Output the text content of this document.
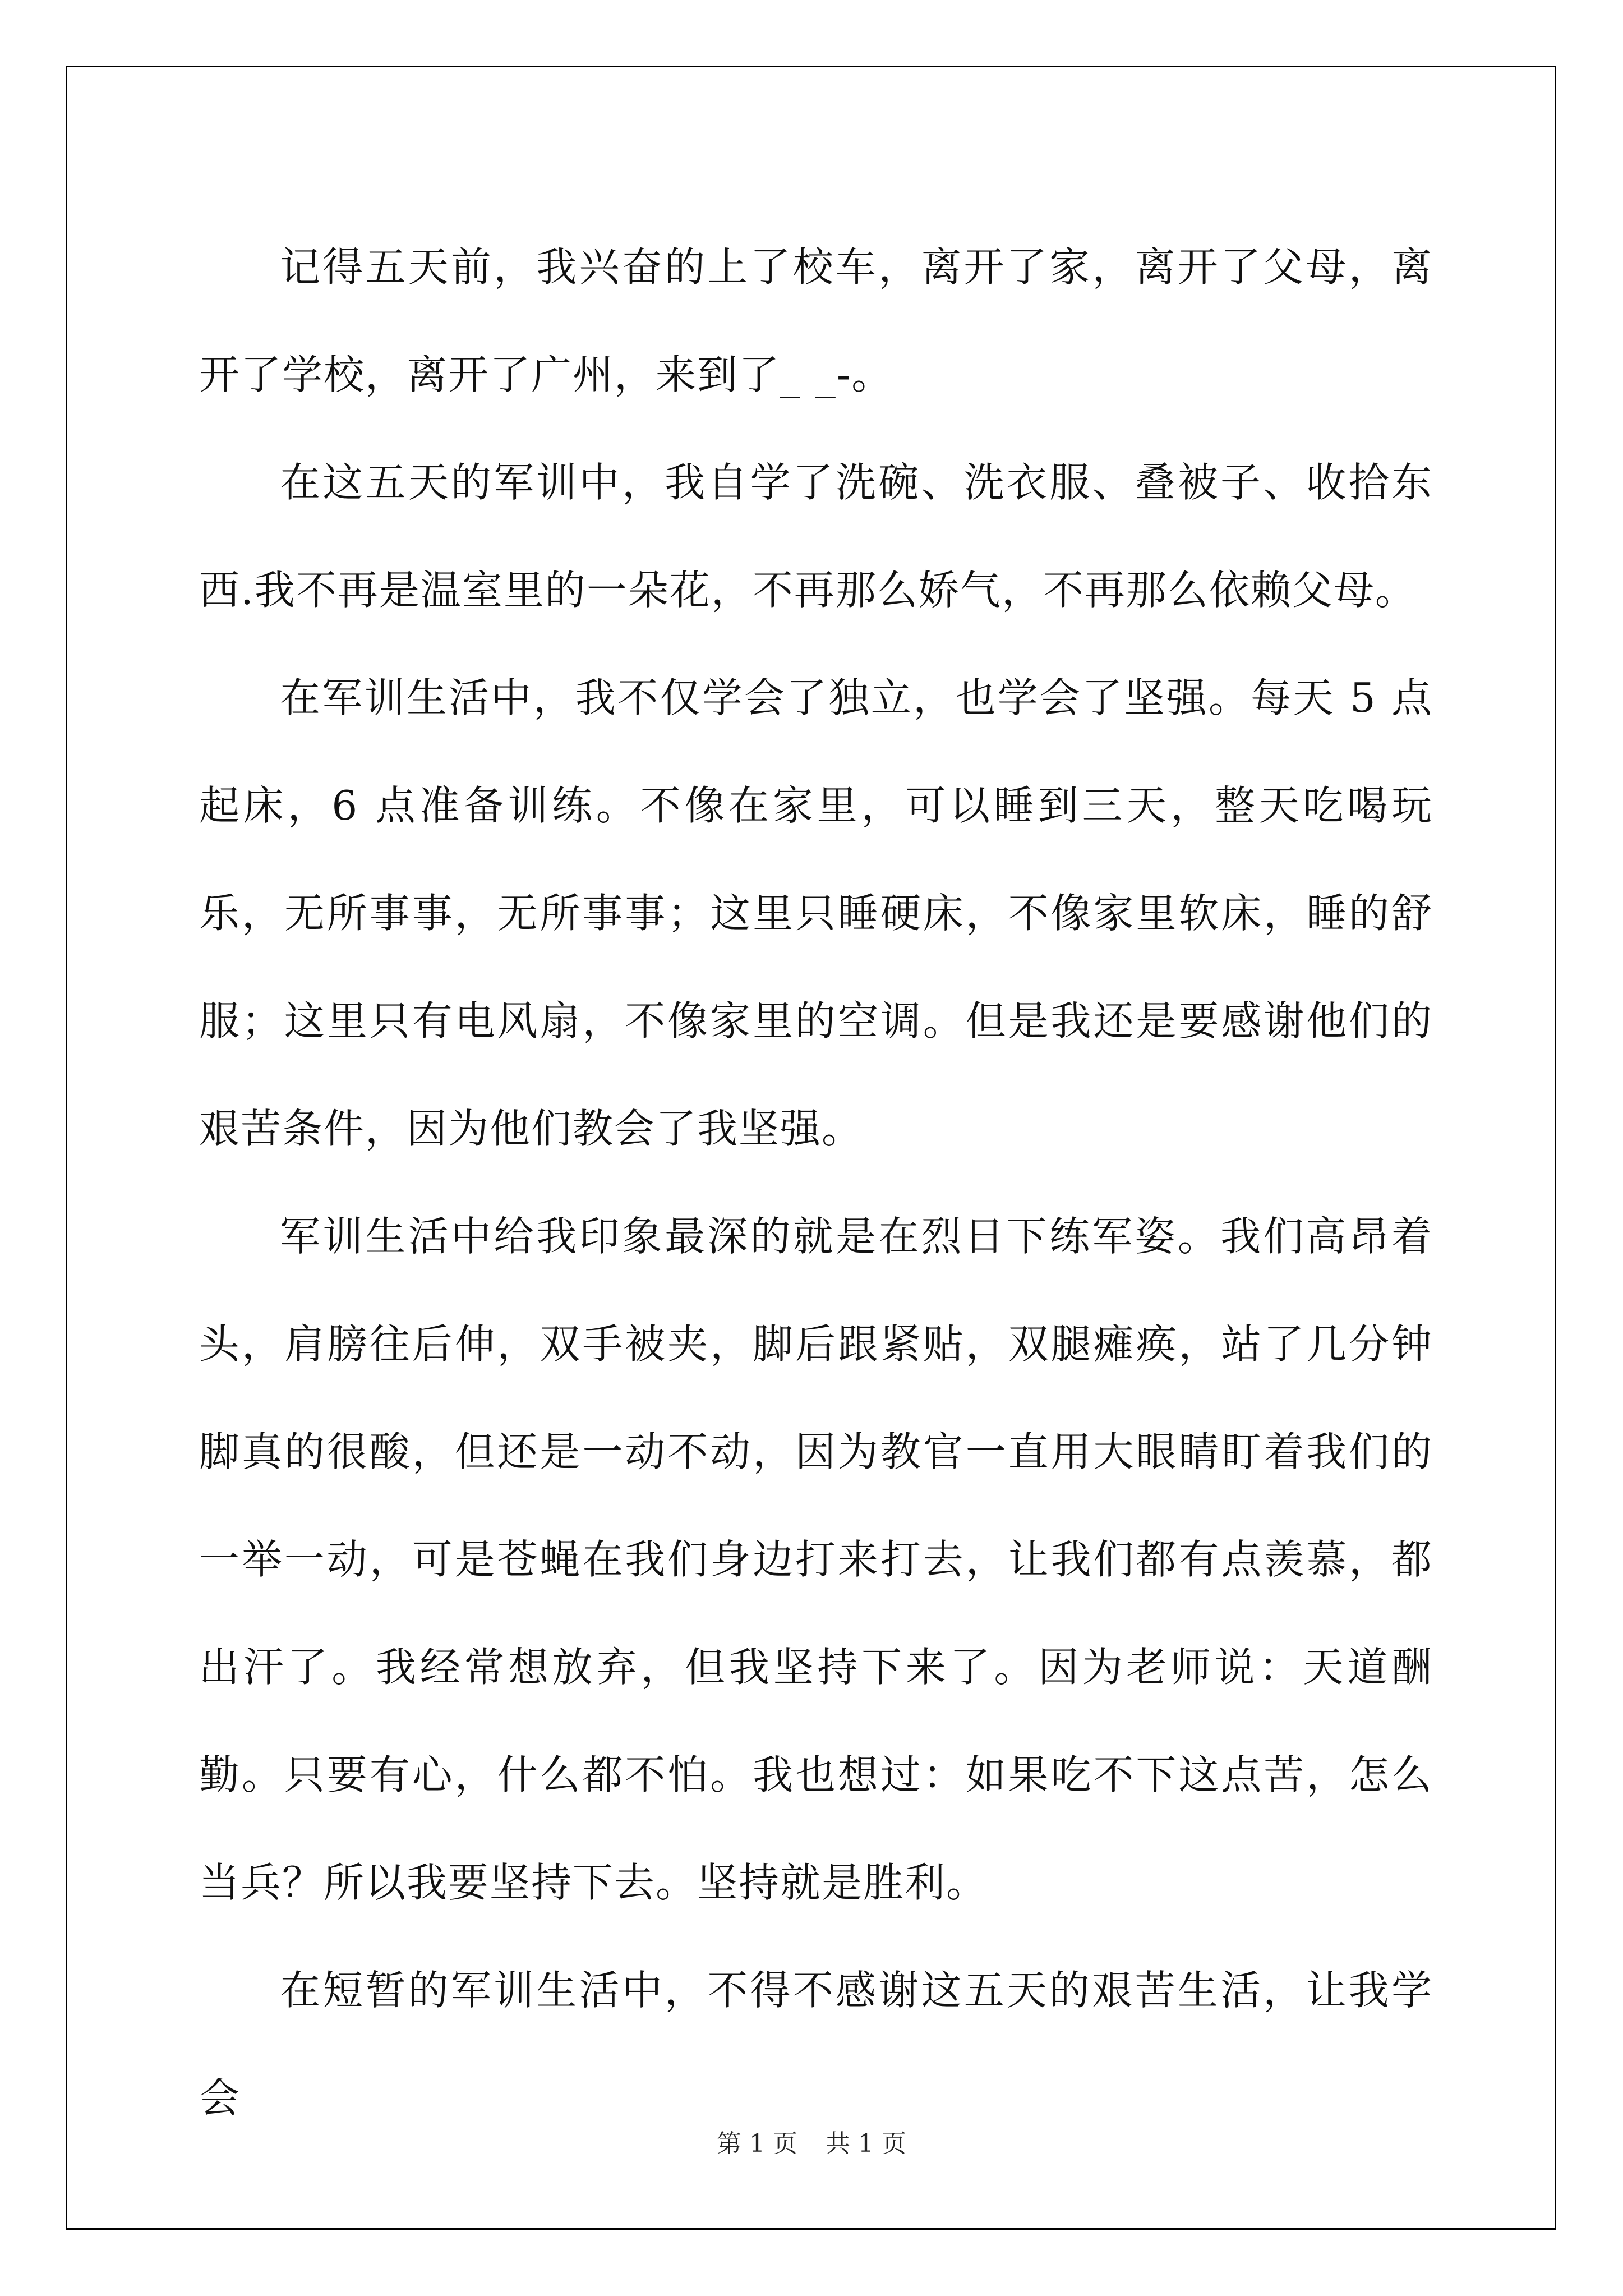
记得五天前，我兴奋的上了校车，离开了家，离开了父母，离开了学校，离开了广州，来到了_ _-。

在这五天的军训中，我自学了洗碗、洗衣服、叠被子、收拾东西.我不再是温室里的一朵花，不再那么娇气，不再那么依赖父母。

在军训生活中，我不仅学会了独立，也学会了坚强。每天 5 点起床，6 点准备训练。不像在家里，可以睡到三天，整天吃喝玩乐，无所事事，无所事事；这里只睡硬床，不像家里软床，睡的舒服；这里只有电风扇，不像家里的空调。但是我还是要感谢他们的艰苦条件，因为他们教会了我坚强。

军训生活中给我印象最深的就是在烈日下练军姿。我们高昂着头，肩膀往后伸，双手被夹，脚后跟紧贴，双腿瘫痪，站了几分钟脚真的很酸，但还是一动不动，因为教官一直用大眼睛盯着我们的一举一动，可是苍蝇在我们身边打来打去，让我们都有点羡慕，都出汗了。我经常想放弃，但我坚持下来了。因为老师说：天道酬勤。只要有心，什么都不怕。我也想过：如果吃不下这点苦，怎么当兵？所以我要坚持下去。坚持就是胜利。

在短暂的军训生活中，不得不感谢这五天的艰苦生活，让我学会

第 1 页 共 1 页
